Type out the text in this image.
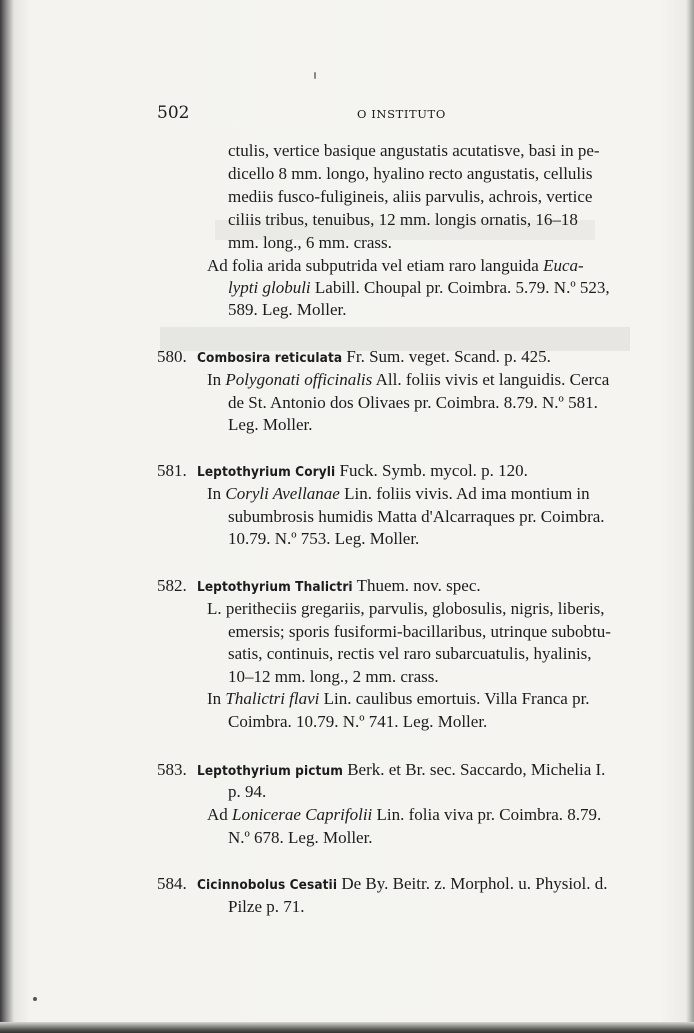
502	O INSTITUTO
ctulis, vertice basique angustatis acutatisve, basi in pe-
dicello 8 mm. longo, hyalino recto angustatis, cellulis
mediis fusco-fuligineis, aliis parvulis, achrois, vertice
ciliis tribus, tenuibus, 12 mm. longis ornatis, 16–18
mm. long., 6 mm. crass.
Ad folia arida subputrida vel etiam raro languida Euca-
lypti globuli Labill. Choupal pr. Coimbra. 5.79. N.º 523,
589. Leg. Moller.
580. Combosira reticulata Fr. Sum. veget. Scand. p. 425.
In Polygonati officinalis All. foliis vivis et languidis. Cerca
de St. Antonio dos Olivaes pr. Coimbra. 8.79. N.º 581.
Leg. Moller.
581. Leptothyrium Coryli Fuck. Symb. mycol. p. 120.
In Coryli Avellanae Lin. foliis vivis. Ad ima montium in
subumbrosis humidis Matta d'Alcarraques pr. Coimbra.
10.79. N.º 753. Leg. Moller.
582. Leptothyrium Thalictri Thuem. nov. spec.
L. peritheciis gregariis, parvulis, globosulis, nigris, liberis,
emersis; sporis fusiformi-bacillaribus, utrinque subobtu-
satis, continuis, rectis vel raro subarcuatulis, hyalinis,
10–12 mm. long., 2 mm. crass.
In Thalictri flavi Lin. caulibus emortuis. Villa Franca pr.
Coimbra. 10.79. N.º 741. Leg. Moller.
583. Leptothyrium pictum Berk. et Br. sec. Saccardo, Michelia I.
p. 94.
Ad Lonicerae Caprifolii Lin. folia viva pr. Coimbra. 8.79.
N.º 678. Leg. Moller.
584. Cicinnobolus Cesatii De By. Beitr. z. Morphol. u. Physiol. d.
Pilze p. 71.
